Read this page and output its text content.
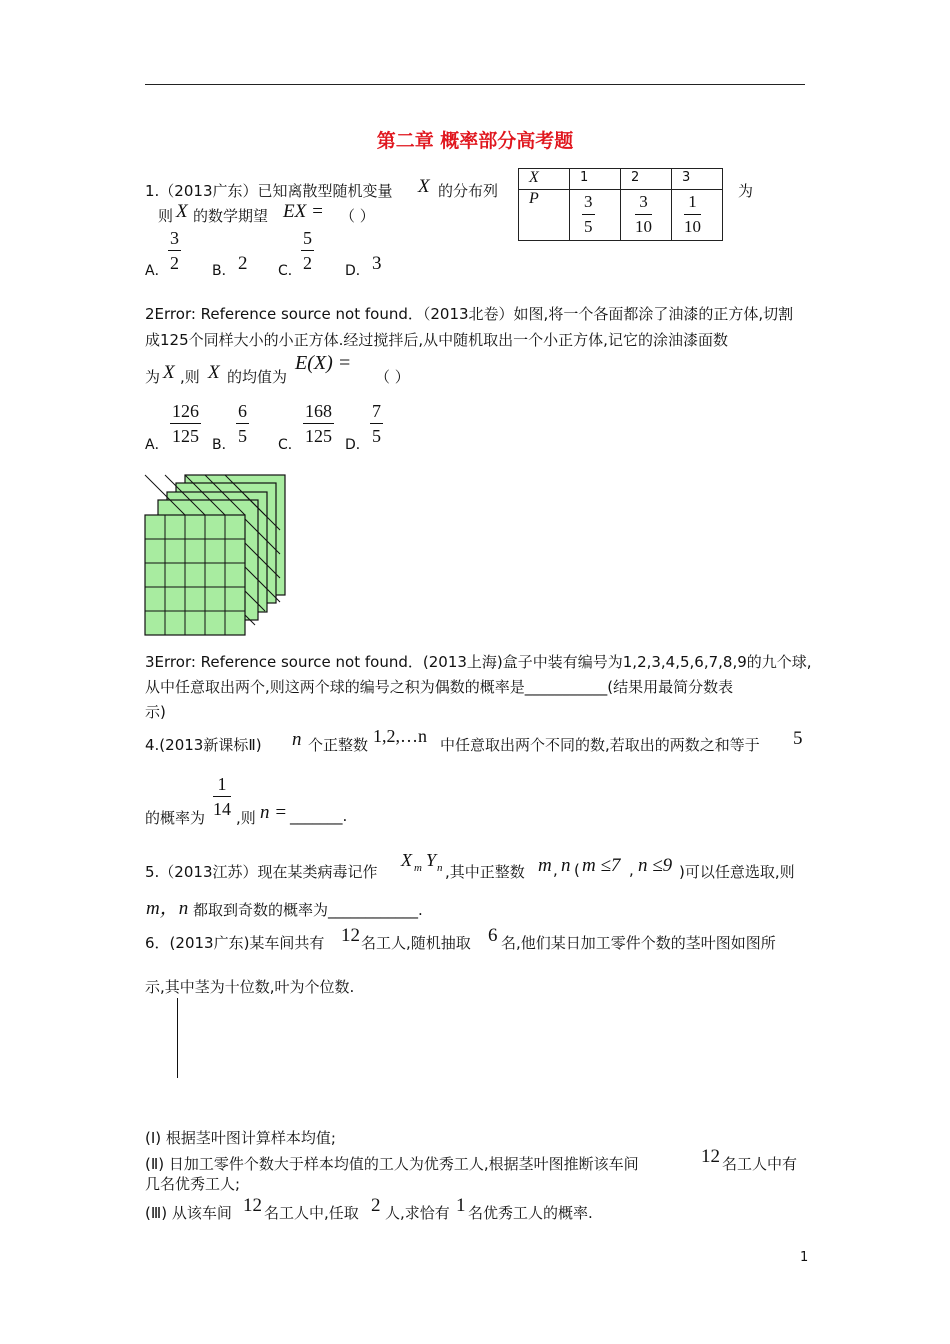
第二章 概率部分高考题
1.（2013广东）已知离散型随机变量 X 的分布列	为
则 X 的数学期望 EX = （ ）
X	1	2	3
P	$\frac{3}{5}$	$\frac{3}{10}$	$\frac{1}{10}$
A． $\frac{3}{2}$ B． 2 C． $\frac{5}{2}$ D． 3
2Error: Reference source not found．（2013北卷）如图,将一个各面都涂了油漆的正方体,切割
成125个同样大小的小正方体.经过搅拌后,从中随机取出一个小正方体,记它的涂油漆面数
为 X ,则 X 的均值为
E(X) =
（ ）
A． $\frac{126}{125}$ B． $\frac{6}{5}$ C． $\frac{168}{125}$ D． $\frac{7}{5}$
3Error: Reference source not found．(2013上海)盒子中装有编号为1,2,3,4,5,6,7,8,9的九个球,
从中任意取出两个,则这两个球的编号之积为偶数的概率是___________(结果用最简分数表
示)
4.(2013新课标Ⅱ) n 个正整数 1,2,…n 中任意取出两个不同的数,若取出的两数之和等于 5
$\frac{1}{14}$
的概率为 ,则 n = _______.
5.（2013江苏）现在某类病毒记作
X m Y n ,其中正整数 m , n ( m ≤7 , n ≤9 )可以任意选取,则
m，n 都取到奇数的概率为____________.
6．(2013广东)某车间共有 12 名工人,随机抽取 6 名,他们某日加工零件个数的茎叶图如图所
示,其中茎为十位数,叶为个位数.
(Ⅰ) 根据茎叶图计算样本均值;
(Ⅱ) 日加工零件个数大于样本均值的工人为优秀工人,根据茎叶图推断该车间	12 名工人中有
几名优秀工人;
(Ⅲ) 从该车间 12 名工人中,任取 2 人,求恰有 1 名优秀工人的概率.
1
